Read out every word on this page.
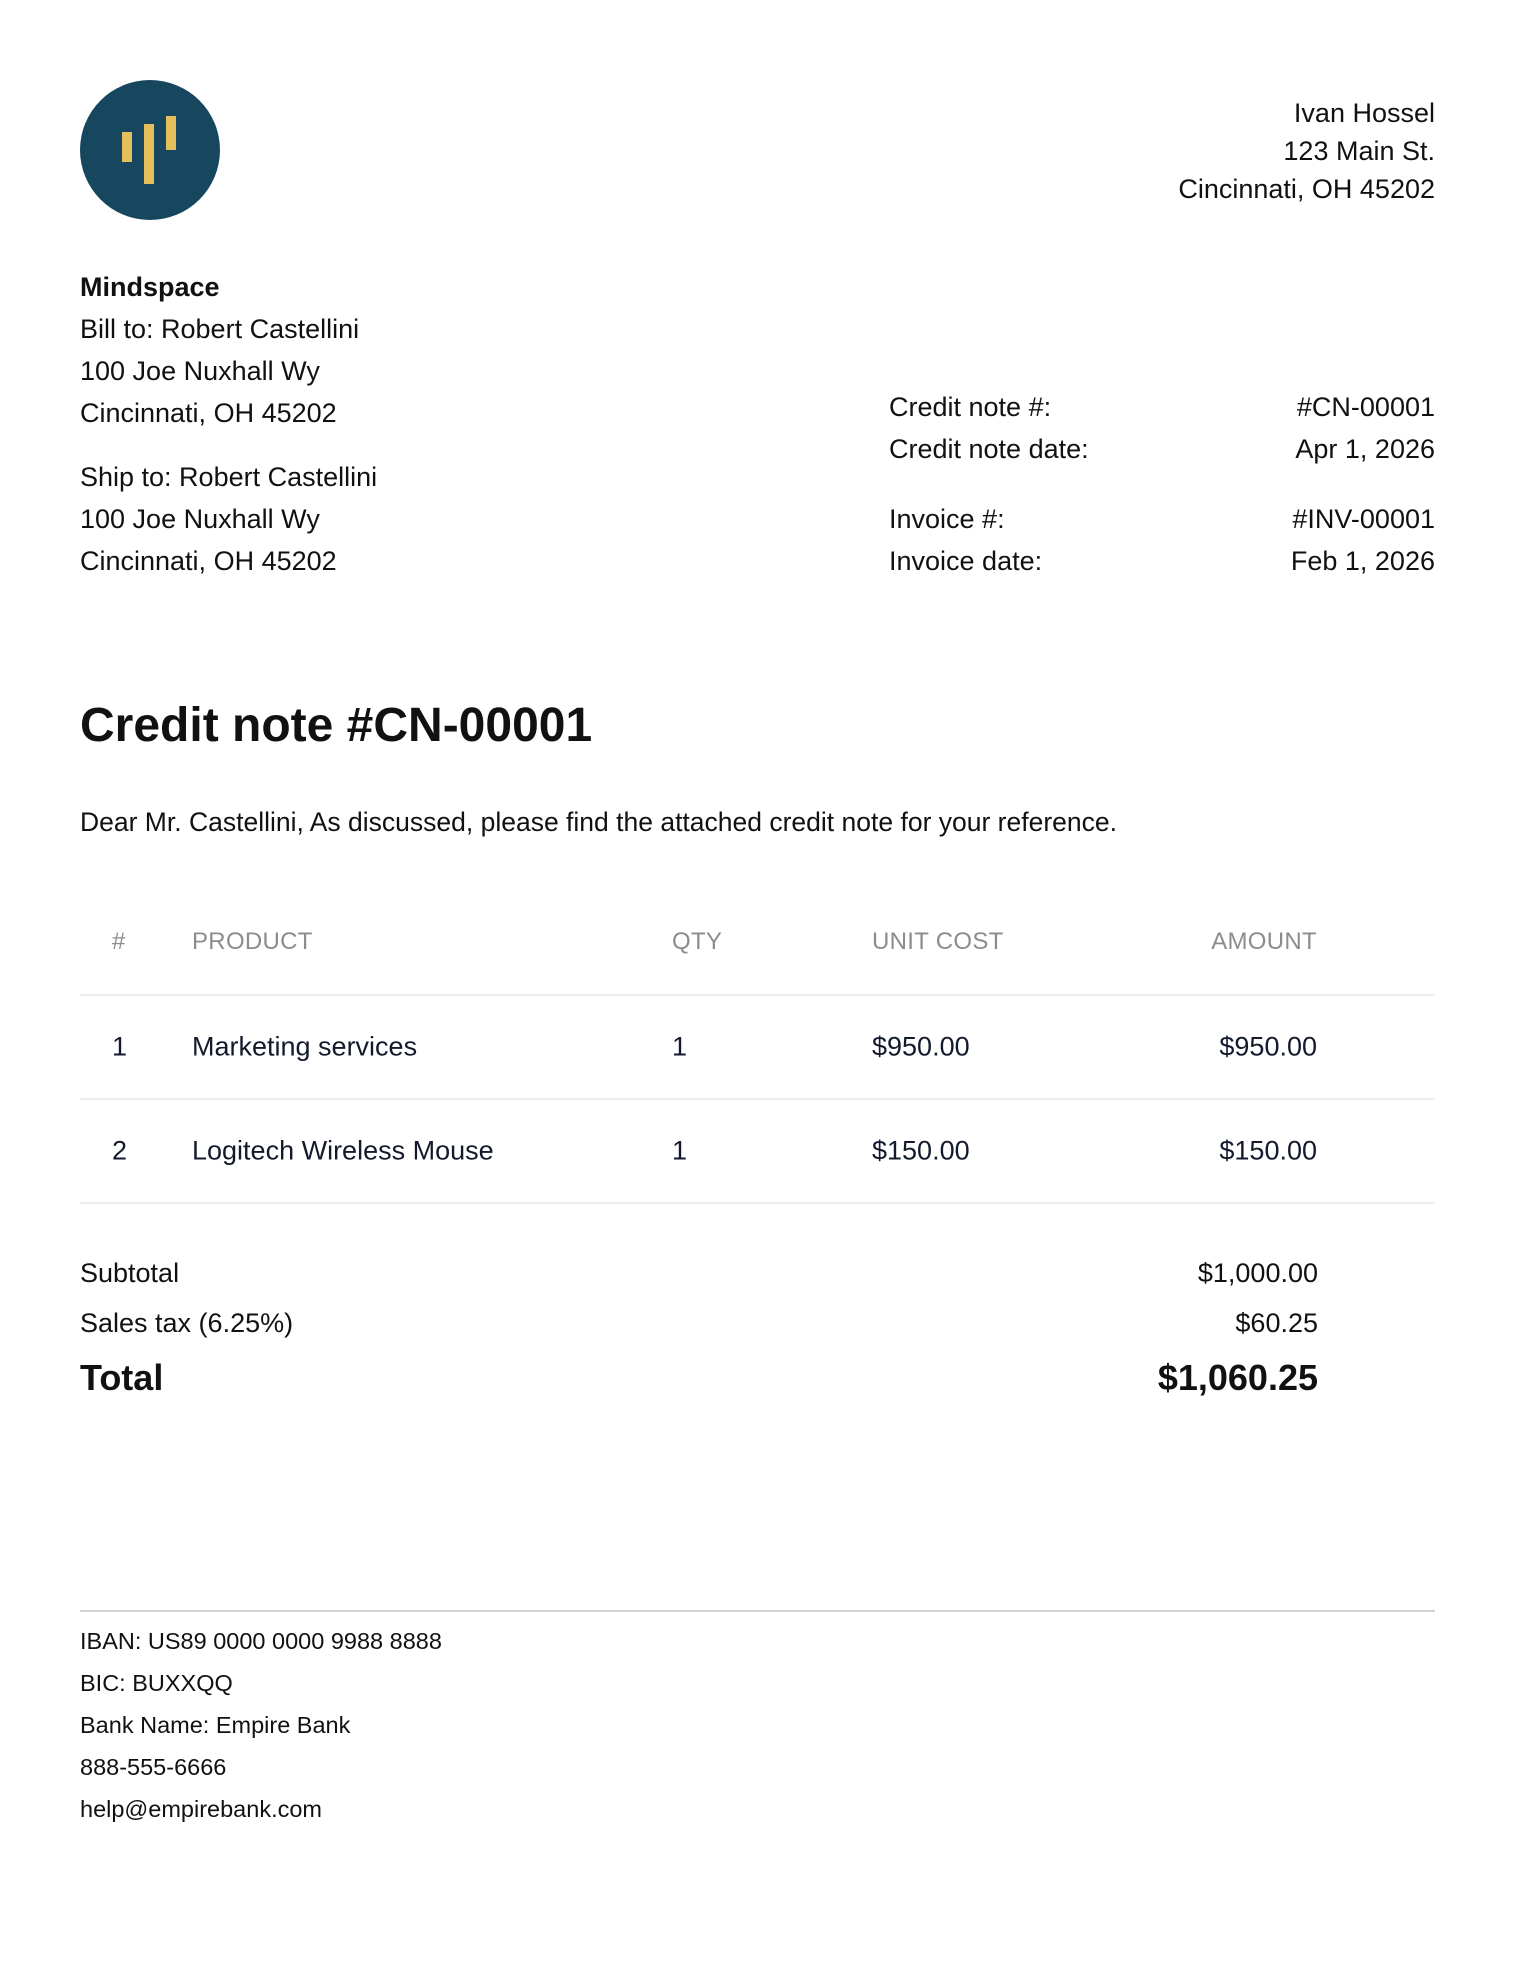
Ivan Hossel
123 Main St.
Cincinnati, OH 45202
Mindspace
Bill to: Robert Castellini
100 Joe Nuxhall Wy
Cincinnati, OH 45202
Ship to: Robert Castellini
100 Joe Nuxhall Wy
Cincinnati, OH 45202
Credit note #:	#CN-00001
Credit note date:	Apr 1, 2026
Invoice #:	#INV-00001
Invoice date:	Feb 1, 2026
Credit note #CN-00001

Dear Mr. Castellini, As discussed, please find the attached credit note for your reference.

#	PRODUCT	QTY	UNIT COST	AMOUNT
1 Marketing services	1	$950.00	$950.00
2 Logitech Wireless Mouse	1	$150.00	$150.00
Subtotal	$1,000.00
Sales tax (6.25%)	$60.25
Total	$1,060.25
IBAN: US89 0000 0000 9988 8888
BIC: BUXXQQ
Bank Name: Empire Bank
888-555-6666
help@empirebank.com
